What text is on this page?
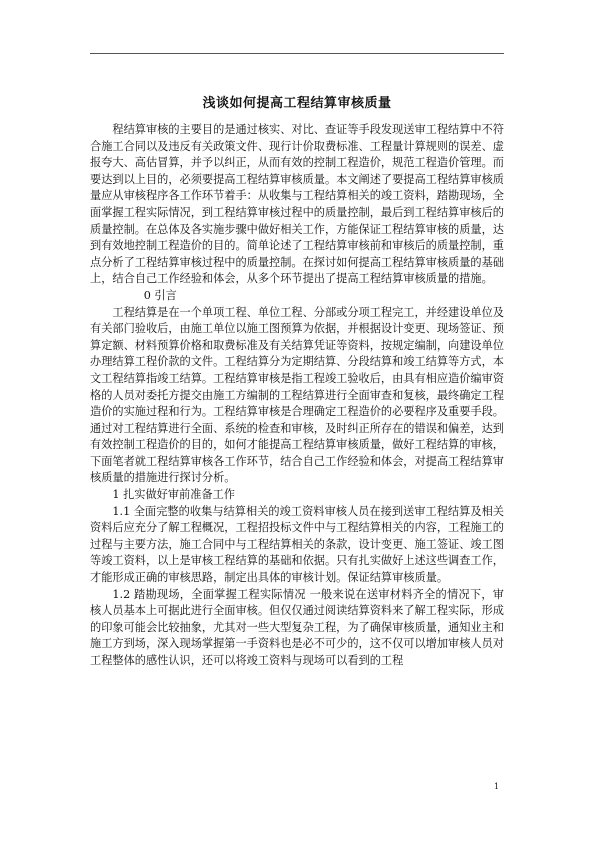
浅谈如何提高工程结算审核质量

程结算审核的主要目的是通过核实、对比、查证等手段发现送审工程结算中不符合施工合同以及违反有关政策文件、现行计价取费标准、工程量计算规则的误差、虚报夸大、高估冒算，并予以纠正，从而有效的控制工程造价，规范工程造价管理。而要达到以上目的，必须要提高工程结算审核质量。本文阐述了要提高工程结算审核质量应从审核程序各工作环节着手：从收集与工程结算相关的竣工资料，踏勘现场，全面掌握工程实际情况，到工程结算审核过程中的质量控制，最后到工程结算审核后的质量控制。在总体及各实施步骤中做好相关工作，方能保证工程结算审核的质量，达到有效地控制工程造价的目的。简单论述了工程结算审核前和审核后的质量控制，重点分析了工程结算审核过程中的质量控制。在探讨如何提高工程结算审核质量的基础上，结合自己工作经验和体会，从多个环节提出了提高工程结算审核质量的措施。

0 引言

工程结算是在一个单项工程、单位工程、分部或分项工程完工，并经建设单位及有关部门验收后，由施工单位以施工图预算为依据，并根据设计变更、现场签证、预算定额、材料预算价格和取费标准及有关结算凭证等资料，按规定编制，向建设单位办理结算工程价款的文件。工程结算分为定期结算、分段结算和竣工结算等方式，本文工程结算指竣工结算。工程结算审核是指工程竣工验收后，由具有相应造价编审资格的人员对委托方提交由施工方编制的工程结算进行全面审查和复核，最终确定工程造价的实施过程和行为。工程结算审核是合理确定工程造价的必要程序及重要手段。通过对工程结算进行全面、系统的检查和审核，及时纠正所存在的错误和偏差，达到有效控制工程造价的目的，如何才能提高工程结算审核质量，做好工程结算的审核，下面笔者就工程结算审核各工作环节，结合自己工作经验和体会，对提高工程结算审核质量的措施进行探讨分析。

1 扎实做好审前准备工作

1.1 全面完整的收集与结算相关的竣工资料审核人员在接到送审工程结算及相关资料后应充分了解工程概况，工程招投标文件中与工程结算相关的内容，工程施工的过程与主要方法，施工合同中与工程结算相关的条款，设计变更、施工签证、竣工图等竣工资料，以上是审核工程结算的基础和依据。只有扎实做好上述这些调查工作，才能形成正确的审核思路，制定出具体的审核计划。保证结算审核质量。

1.2 踏勘现场，全面掌握工程实际情况 一般来说在送审材料齐全的情况下，审核人员基本上可据此进行全面审核。但仅仅通过阅读结算资料来了解工程实际，形成的印象可能会比较抽象，尤其对一些大型复杂工程，为了确保审核质量，通知业主和施工方到场，深入现场掌握第一手资料也是必不可少的，这不仅可以增加审核人员对工程整体的感性认识，还可以将竣工资料与现场可以看到的工程

1
